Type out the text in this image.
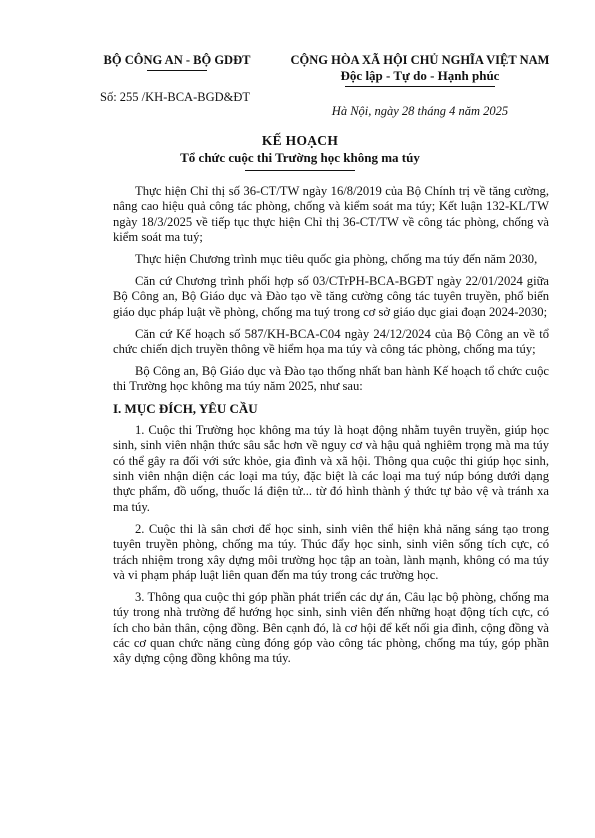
BỘ CÔNG AN - BỘ GDĐT
Số: 255 /KH-BCA-BGD&ĐT
CỘNG HÒA XÃ HỘI CHỦ NGHĨA VIỆT NAM
Độc lập - Tự do - Hạnh phúc
Hà Nội, ngày 28 tháng 4 năm 2025
KẾ HOẠCH
Tổ chức cuộc thi Trường học không ma túy

Thực hiện Chỉ thị số 36-CT/TW ngày 16/8/2019 của Bộ Chính trị về tăng cường, nâng cao hiệu quả công tác phòng, chống và kiểm soát ma túy; Kết luận 132-KL/TW ngày 18/3/2025 về tiếp tục thực hiện Chỉ thị 36-CT/TW về công tác phòng, chống và kiểm soát ma tuý;

Thực hiện Chương trình mục tiêu quốc gia phòng, chống ma túy đến năm 2030,

Căn cứ Chương trình phối hợp số 03/CTrPH-BCA-BGĐT ngày 22/01/2024 giữa Bộ Công an, Bộ Giáo dục và Đào tạo về tăng cường công tác tuyên truyền, phổ biến giáo dục pháp luật về phòng, chống ma tuý trong cơ sở giáo dục giai đoạn 2024-2030;

Căn cứ Kế hoạch số 587/KH-BCA-C04 ngày 24/12/2024 của Bộ Công an về tổ chức chiến dịch truyền thông về hiểm họa ma túy và công tác phòng, chống ma túy;

Bộ Công an, Bộ Giáo dục và Đào tạo thống nhất ban hành Kế hoạch tổ chức cuộc thi Trường học không ma túy năm 2025, như sau:

I. MỤC ĐÍCH, YÊU CẦU

1. Cuộc thi Trường học không ma túy là hoạt động nhằm tuyên truyền, giúp học sinh, sinh viên nhận thức sâu sắc hơn về nguy cơ và hậu quả nghiêm trọng mà ma túy có thể gây ra đối với sức khỏe, gia đình và xã hội. Thông qua cuộc thi giúp học sinh, sinh viên nhận diện các loại ma túy, đặc biệt là các loại ma tuý núp bóng dưới dạng thực phẩm, đồ uống, thuốc lá điện tử... từ đó hình thành ý thức tự bảo vệ và tránh xa ma túy.

2. Cuộc thi là sân chơi để học sinh, sinh viên thể hiện khả năng sáng tạo trong tuyên truyền phòng, chống ma túy. Thúc đẩy học sinh, sinh viên sống tích cực, có trách nhiệm trong xây dựng môi trường học tập an toàn, lành mạnh, không có ma túy và vi phạm pháp luật liên quan đến ma túy trong các trường học.

3. Thông qua cuộc thi góp phần phát triển các dự án, Câu lạc bộ phòng, chống ma túy trong nhà trường để hướng học sinh, sinh viên đến những hoạt động tích cực, có ích cho bản thân, cộng đồng. Bên cạnh đó, là cơ hội để kết nối gia đình, cộng đồng và các cơ quan chức năng cùng đóng góp vào công tác phòng, chống ma túy, góp phần xây dựng cộng đồng không ma túy.
